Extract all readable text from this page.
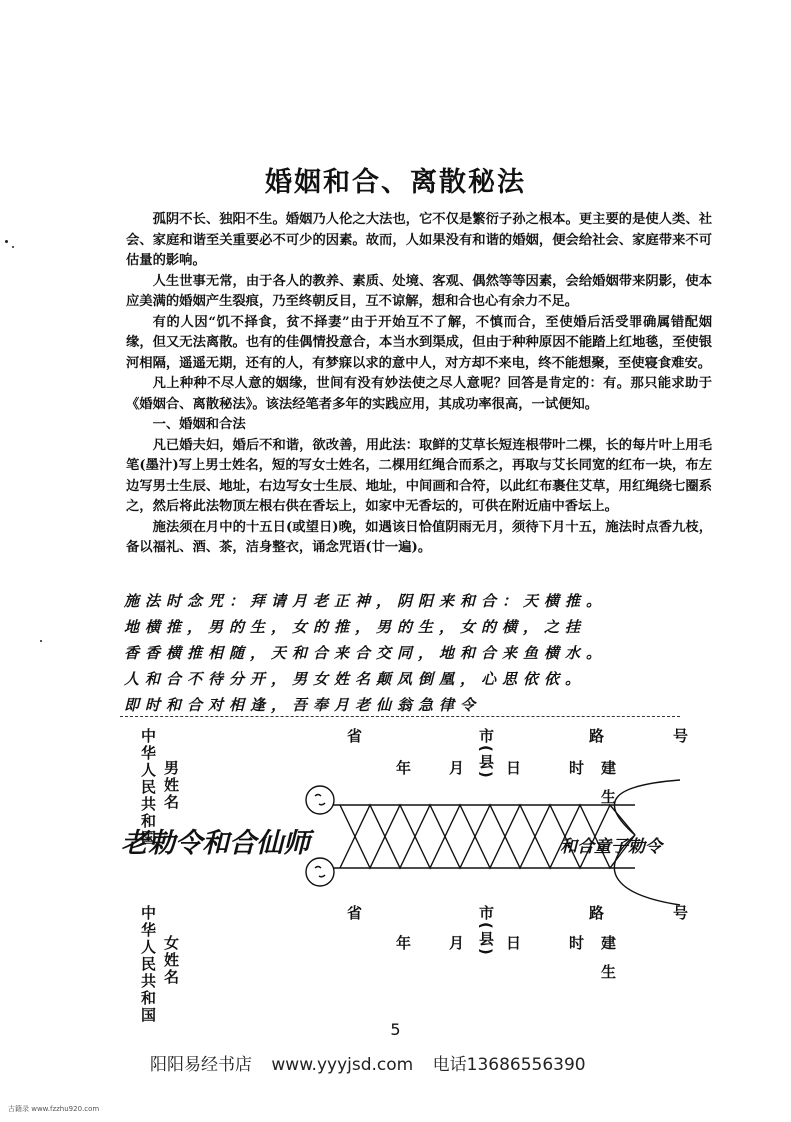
婚姻和合、离散秘法

孤阴不长、独阳不生。婚姻乃人伦之大法也，它不仅是繁衍子孙之根本。更主要的是使人类、社会、家庭和谐至关重要必不可少的因素。故而，人如果没有和谐的婚姻，便会给社会、家庭带来不可估量的影响。

人生世事无常，由于各人的教养、素质、处境、客观、偶然等等因素，会给婚姻带来阴影，使本应美满的婚姻产生裂痕，乃至终朝反目，互不谅解，想和合也心有余力不足。

有的人因“饥不择食，贫不择妻”由于开始互不了解，不慎而合，至使婚后活受罪确属错配姻缘，但又无法离散。也有的佳偶情投意合，本当水到渠成，但由于种种原因不能踏上红地毯，至使银河相隔，遥遥无期，还有的人，有梦寐以求的意中人，对方却不来电，终不能想聚，至使寝食难安。

凡上种种不尽人意的姻缘，世间有没有妙法使之尽人意呢？回答是肯定的：有。那只能求助于《婚姻合、离散秘法》。该法经笔者多年的实践应用，其成功率很高，一试便知。

一、婚姻和合法

凡已婚夫妇，婚后不和谐，欲改善，用此法：取鲜的艾草长短连根带叶二棵，长的每片叶上用毛笔(墨汁)写上男士姓名，短的写女士姓名，二棵用红绳合而系之，再取与艾长同宽的红布一块，布左边写男士生辰、地址，右边写女士生辰、地址，中间画和合符，以此红布裹住艾草，用红绳绕七圈系之，然后将此法物顶左根右供在香坛上，如家中无香坛的，可供在附近庙中香坛上。

施法须在月中的十五日(或望日)晚，如遇该日恰值阴雨无月，须待下月十五，施法时点香九枝，备以福礼、酒、茶，洁身整衣，诵念咒语(廿一遍)。

施法时念咒：拜请月老正神，阴阳来和合：天横推。
地横推，男的生，女的推，男的生，女的横，之挂
香香横推相随，天和合来合交同，地和合来鱼横水。
人和合不待分开，男女姓名颠凤倒凰，心思依依。
即时和合对相逢，吾奉月老仙翁急律令
中华人民共和国 男姓名
省
年	市(县)
月	日
路
时 建生
号
老勅令和合仙师	和合童子勅令
中华人民共和国 女姓名
省
年	市(县)
月	日
路
时 建生
号
5
阳阳易经书店 www.yyyjsd.com 电话13686556390
古籍录 www.fzzhu920.com
